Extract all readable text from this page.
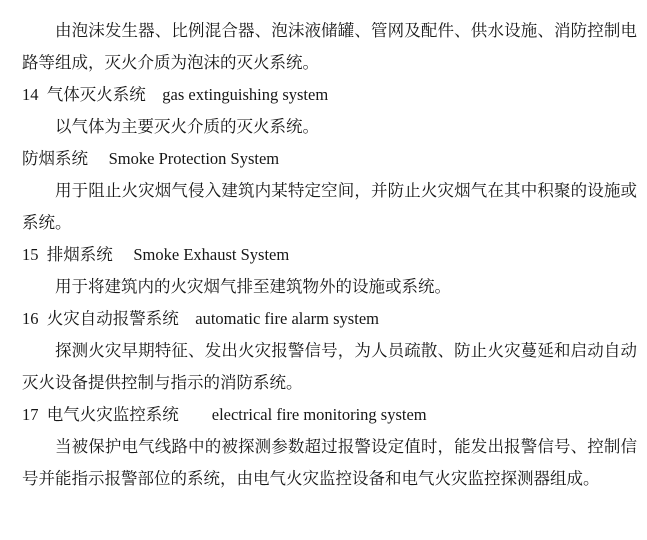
由泡沫发生器、比例混合器、泡沫液储罐、管网及配件、供水设施、消防控制电
路等组成，灭火介质为泡沫的灭火系统。
14  气体灭火系统　gas extinguishing system
以气体为主要灭火介质的灭火系统。
防烟系统　 Smoke Protection System
用于阻止火灾烟气侵入建筑内某特定空间，并防止火灾烟气在其中积聚的设施或
系统。
15  排烟系统　 Smoke Exhaust System
用于将建筑内的火灾烟气排至建筑物外的设施或系统。
16  火灾自动报警系统　automatic fire alarm system
探测火灾早期特征、发出火灾报警信号，为人员疏散、防止火灾蔓延和启动自动
灭火设备提供控制与指示的消防系统。
17  电气火灾监控系统　　electrical fire monitoring system
当被保护电气线路中的被探测参数超过报警设定值时，能发出报警信号、控制信
号并能指示报警部位的系统，由电气火灾监控设备和电气火灾监控探测器组成。
